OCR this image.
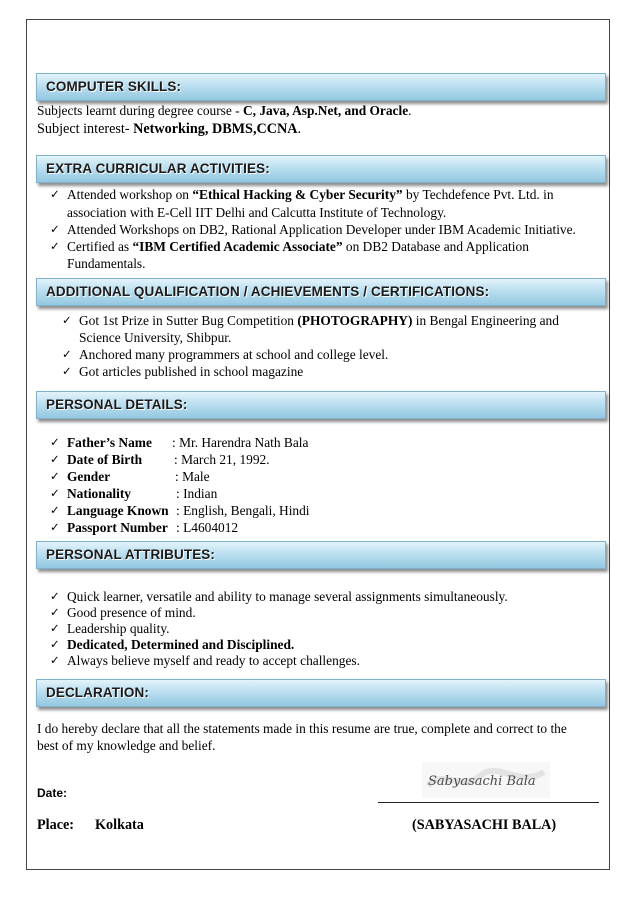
COMPUTER SKILLS:
Subjects learnt during degree course - C, Java, Asp.Net, and Oracle.
Subject interest- Networking, DBMS,CCNA.
EXTRA CURRICULAR ACTIVITIES:
✓ Attended workshop on “Ethical Hacking & Cyber Security” by Techdefence Pvt. Ltd. in
association with E-Cell IIT Delhi and Calcutta Institute of Technology.
✓ Attended Workshops on DB2, Rational Application Developer under IBM Academic Initiative.
✓ Certified as “IBM Certified Academic Associate” on DB2 Database and Application
Fundamentals.
ADDITIONAL QUALIFICATION / ACHIEVEMENTS / CERTIFICATIONS:
✓ Got 1st Prize in Sutter Bug Competition (PHOTOGRAPHY) in Bengal Engineering and
Science University, Shibpur.
✓ Anchored many programmers at school and college level.
✓ Got articles published in school magazine
PERSONAL DETAILS:
✓ Father’s Name : Mr. Harendra Nath Bala
✓ Date of Birth : March 21, 1992.
✓ Gender	: Male
✓ Nationality	: Indian
✓ Language Known : English, Bengali, Hindi
✓ Passport Number : L4604012
PERSONAL ATTRIBUTES:
✓ Quick learner, versatile and ability to manage several assignments simultaneously.
✓ Good presence of mind.
✓ Leadership quality.
✓ Dedicated, Determined and Disciplined.
✓ Always believe myself and ready to accept challenges.
DECLARATION:
I do hereby declare that all the statements made in this resume are true, complete and correct to the
best of my knowledge and belief.
Date:
Sabyasachi Bala
Place: Kolkata	(SABYASACHI BALA)
